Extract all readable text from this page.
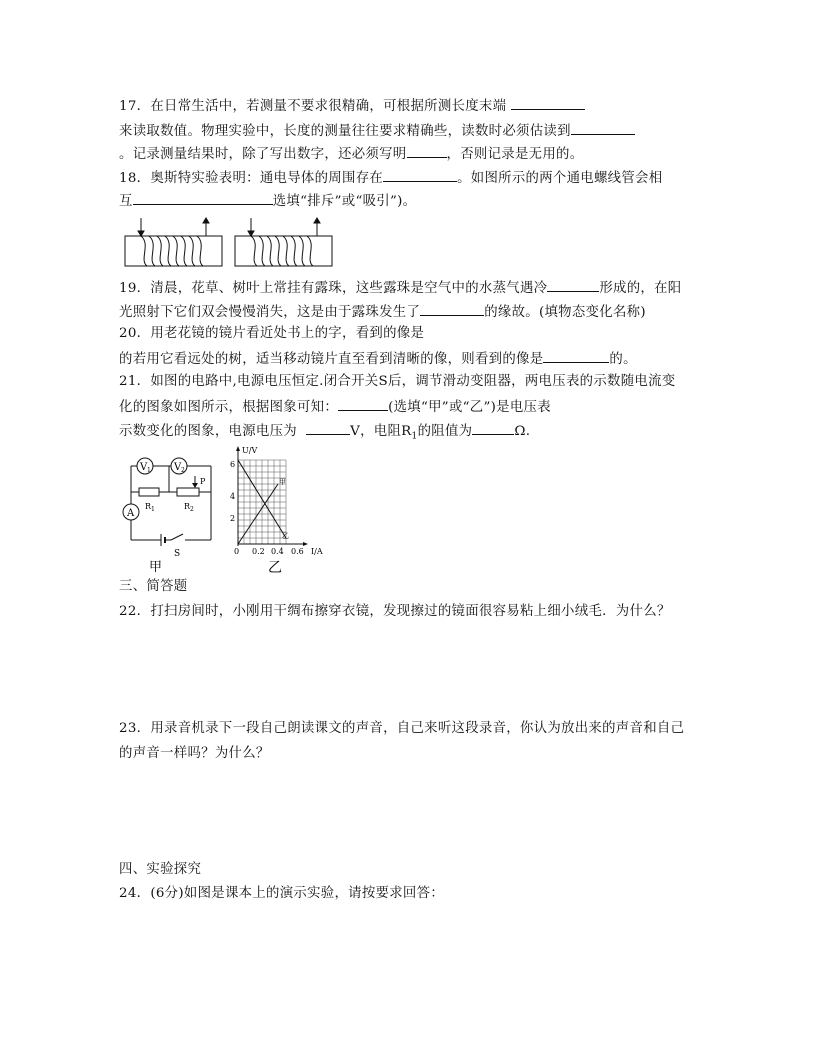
17．在日常生活中，若测量不要求很精确，可根据所测长度末端
来读取数值。物理实验中，长度的测量往往要求精确些，读数时必须估读到
。记录测量结果时，除了写出数字，还必须写明	，否则记录是无用的。
18．奥斯特实验表明：通电导体的周围存在	。如图所示的两个通电螺线管会相
互	选填“排斥”或“吸引”)。
19．清晨，花草、树叶上常挂有露珠，这些露珠是空气中的水蒸气遇冷	形成的，在阳
光照射下它们双会慢慢消失，这是由于露珠发生了	的缘故。(填物态变化名称)
20．用老花镜的镜片看近处书上的字，看到的像是
的若用它看远处的树，适当移动镜片直至看到清晰的像，则看到的像是	的。
21．如图的电路中,电源电压恒定.闭合开关S后，调节滑动变阻器，两电压表的示数随电流变
化的图象如图所示，根据图象可知：	(选填“甲”或“乙”)是电压表
示数变化的图象，电源电压为	V，电阻$R_1$的阻值为	Ω.
V 1 V 2
A
R 1	R 2
P
S
甲
U/V
6
4
2
0 0.2 0.4 0.6 I/A
甲
乙
乙
三、简答题
22．打扫房间时，小刚用干绸布擦穿衣镜，发现擦过的镜面很容易粘上细小绒毛．为什么？
23．用录音机录下一段自己朗读课文的声音，自己来听这段录音，你认为放出来的声音和自己
的声音一样吗？为什么？
四、实验探究
24．(6分)如图是课本上的演示实验，请按要求回答：
